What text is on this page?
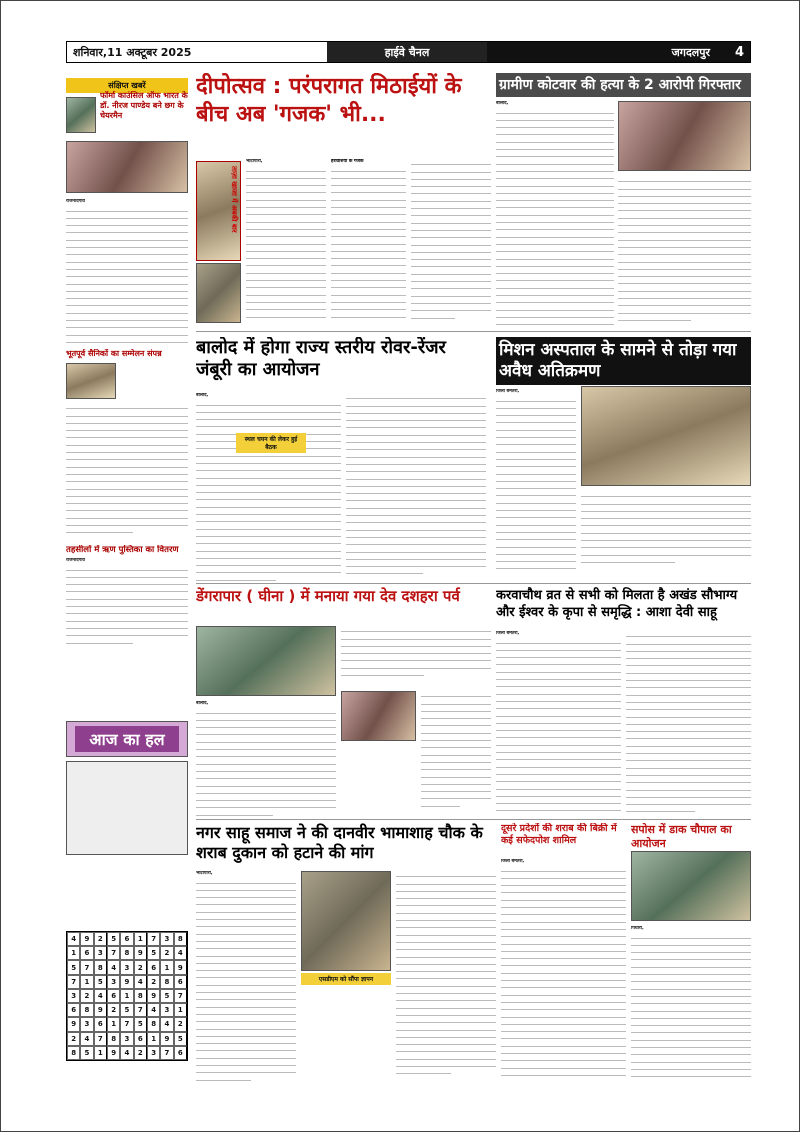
शनिवार,11 अक्टूबर 2025	हाईवे चैनल	जगदलपुर	4
संक्षिप्त खबरें
फॉर्मा काउंसिल ऑफ भारत के डॉ. नीरज पाण्डेय बने छग के चेयरमैन
राजनांदगांव
भूतपूर्व सैनिकों का सम्मेलन संपन्न
तहसीलों में ऋण पुस्तिका का वितरण
राजनांदगांव
आज का हल
4	9	2	5	6	1	7	3	8
1	6	3	7	8	9	5	2	4
5	7	8	4	3	2	6	1	9
7	1	5	3	9	4	2	8	6
3	2	4	6	1	8	9	5	7
6	8	9	2	5	7	4	3	1
9	3	6	1	7	5	8	4	2
2	4	7	8	3	6	1	9	5
8	5	1	9	4	2	3	7	6
दीपोत्सव : परंपरागत मिठाईयों के बीच अब 'गजक' भी...
ताज़ा खाजा में अबकी बार
भाटापारा,	हरीवंशियों के गजक
ग्रामीण कोटवार की हत्या के 2 आरोपी गिरफ्तार
बालोद,
बालोद में होगा राज्य स्तरीय रोवर-रेंजर जंबूरी का आयोजन
बालोद,
स्थल चयन की लेकर हुई बैठक
मिशन अस्पताल के सामने से तोड़ा गया अवैध अतिक्रमण
जिला बेमेतरा,
डेंगरापार ( घीना ) में मनाया गया देव दशहरा पर्व
बालोद,
करवाचौथ व्रत से सभी को मिलता है अखंड सौभाग्य और ईश्वर के कृपा से समृद्धि : आशा देवी साहू
जिला बेमेतरा,
नगर साहू समाज ने की दानवीर भामाशाह चौक के शराब दुकान को हटाने की मांग
भाटापारा,
एसडीएम को सौंपा ज्ञापन
दूसरे प्रदेशों की शराब की बिक्री में कई सफेदपोश शामिल
जिला बेमेतरा,
सपोस में डाक चौपाल का आयोजन
पिथौरा,
